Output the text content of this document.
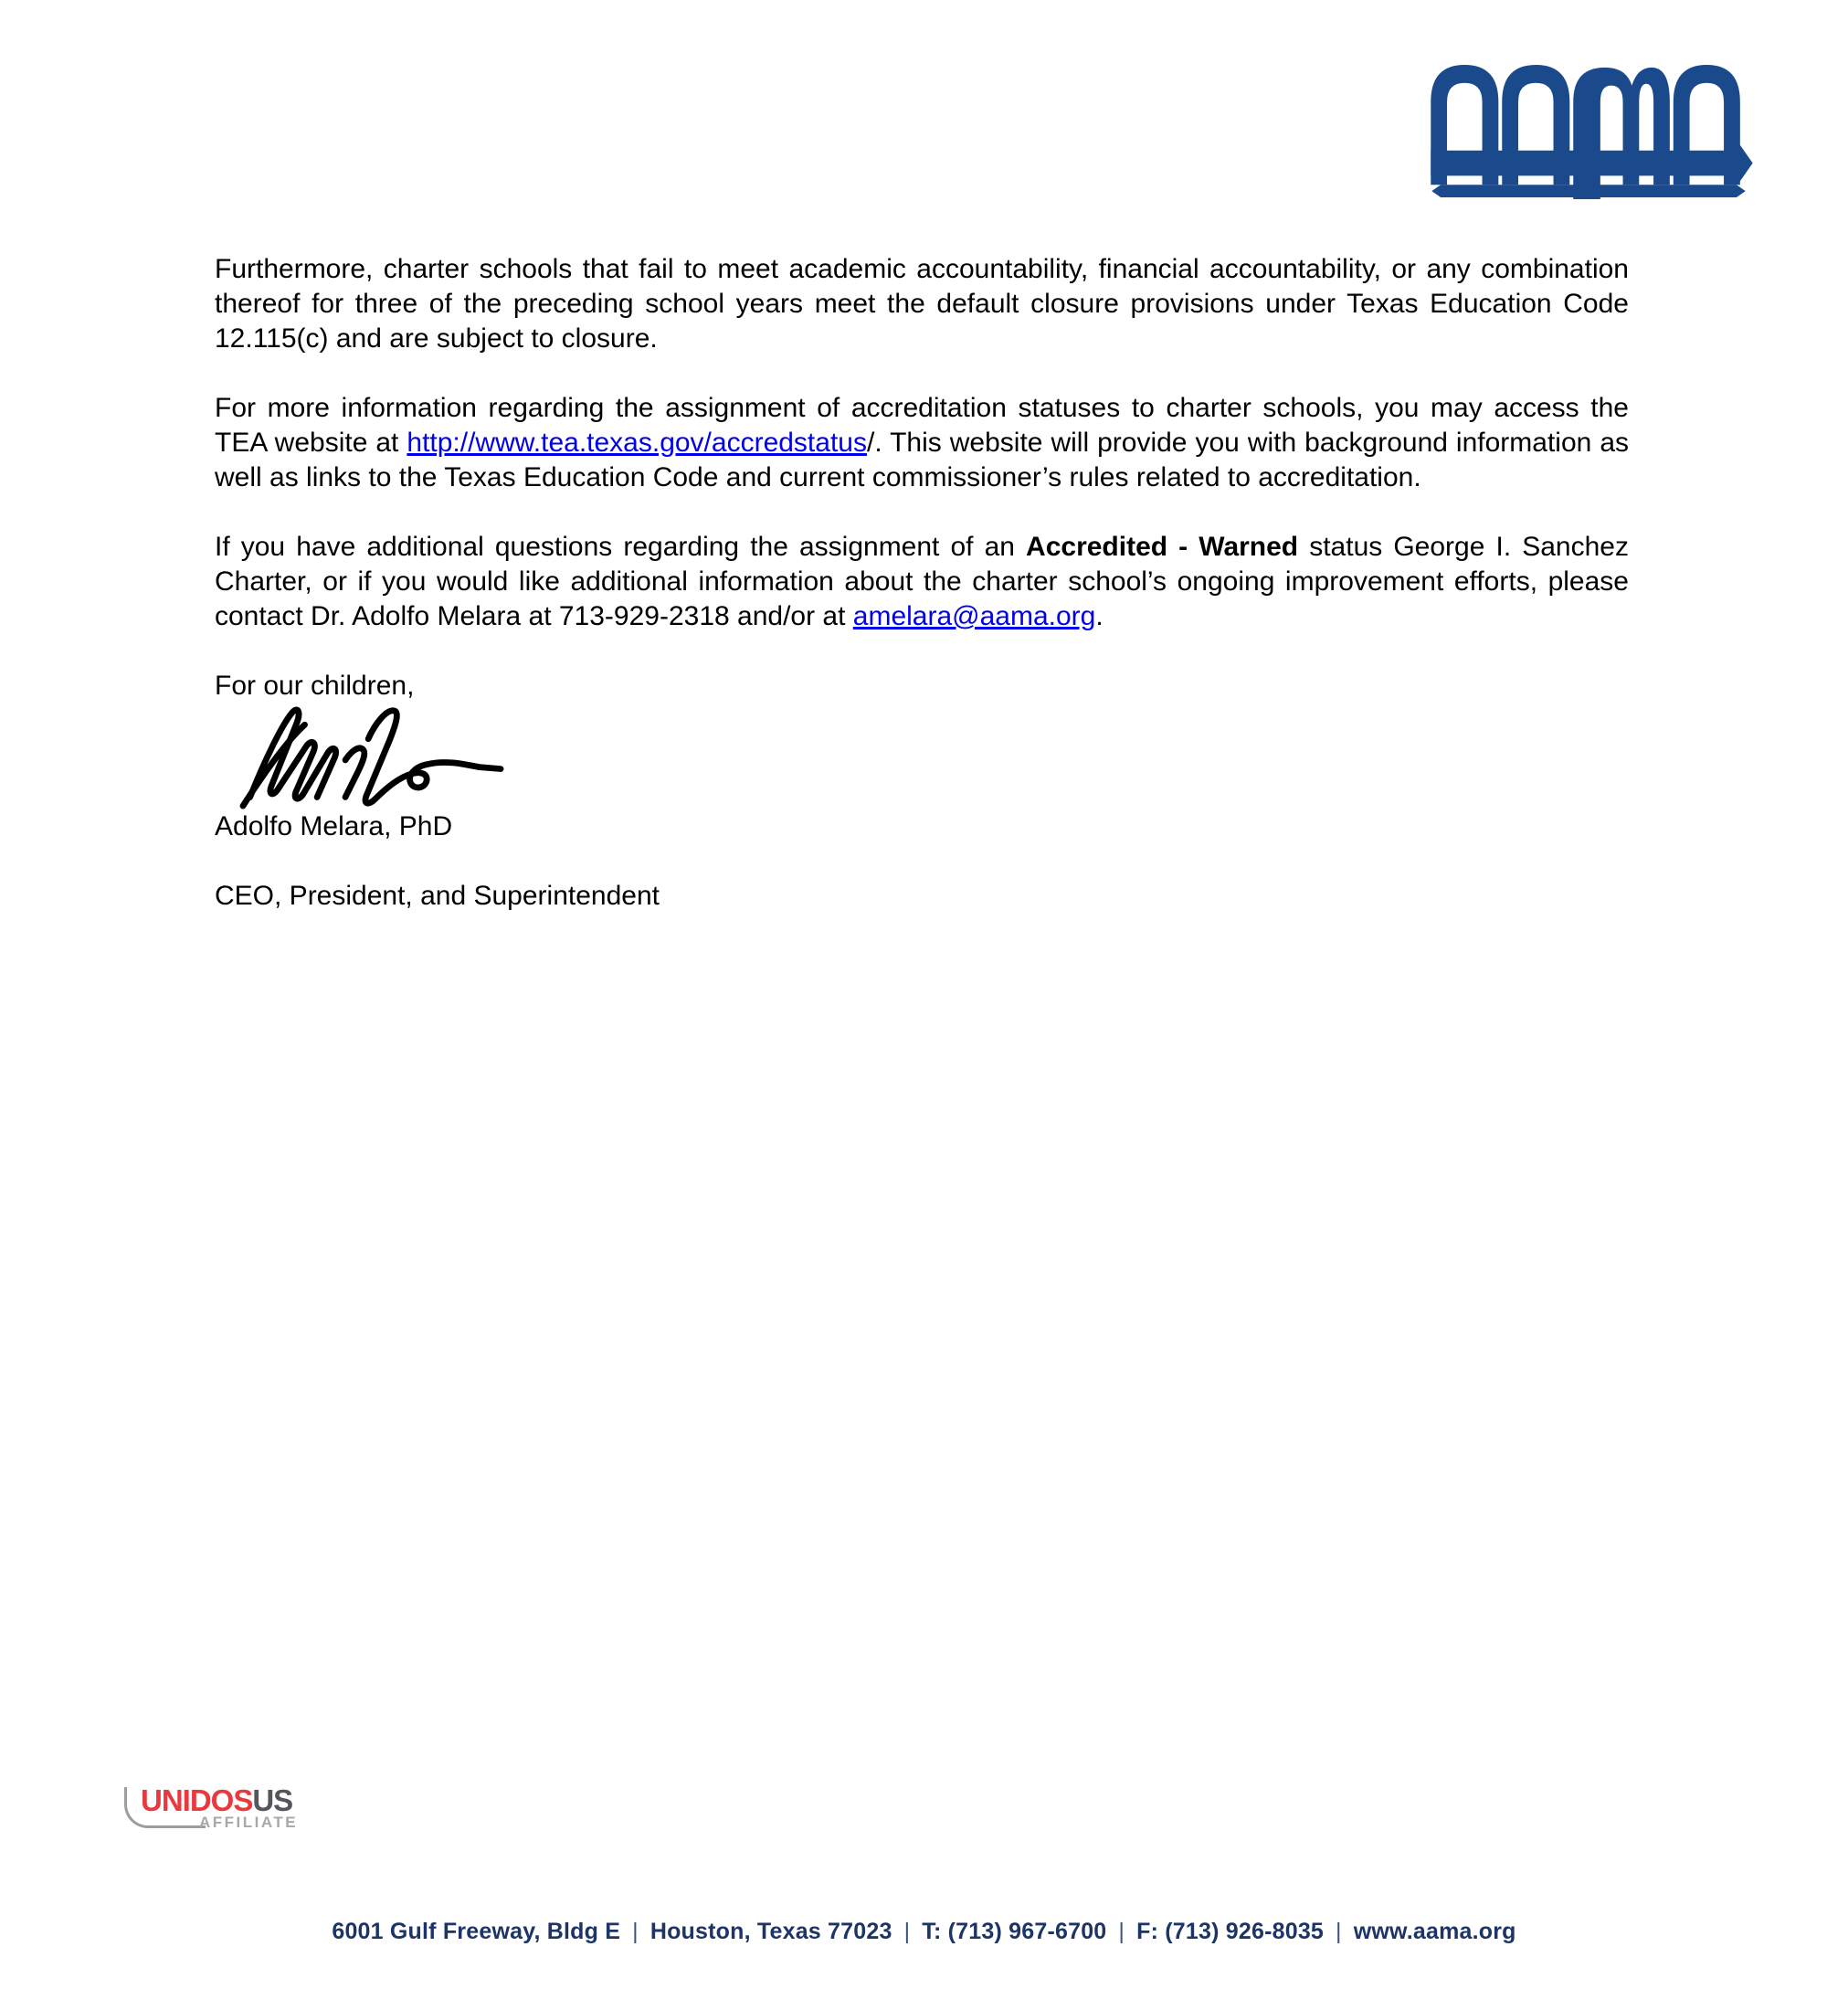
Furthermore, charter schools that fail to meet academic accountability, financial accountability, or any combination thereof for three of the preceding school years meet the default closure provisions under Texas Education Code 12.115(c) and are subject to closure.

For more information regarding the assignment of accreditation statuses to charter schools, you may access the TEA website at http://www.tea.texas.gov/accredstatus/. This website will provide you with background information as well as links to the Texas Education Code and current commissioner’s rules related to accreditation.

If you have additional questions regarding the assignment of an Accredited - Warned status George I. Sanchez Charter, or if you would like additional information about the charter school’s ongoing improvement efforts, please contact Dr. Adolfo Melara at 713-929-2318 and/or at amelara@aama.org.

For our children,

Adolfo Melara, PhD

CEO, President, and Superintendent

UNIDOSUS
AFFILIATE
6001 Gulf Freeway, Bldg E | Houston, Texas 77023 | T: (713) 967-6700 | F: (713) 926-8035 | www.aama.org
